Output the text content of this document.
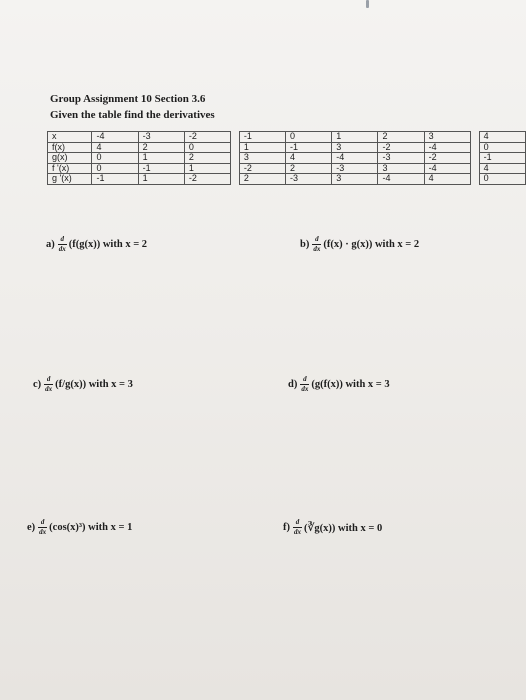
Group Assignment 10 Section 3.6
Given the table find the derivatives
x	-4	-3	-2		-1	0	1	2	3		4
f(x)	4	2	0		1	-1	3	-2	-4		0
g(x)	0	1	2		3	4	-4	-3	-2		-1
f '(x)	0	-1	1		-2	2	-3	3	-4		4
g '(x)	-1	1	-2		2	-3	3	-4	4		0
$a) \frac{d}{dx} (f(g(x))$ with x = 2	$b) \frac{d}{dx} (f(x) \cdot g(x))$ with x = 2
$c) \frac{d}{dx} (f/g(x))$ with x = 3	$d) \frac{d}{dx} (g(f(x))$ with x = 3
$e) \frac{d}{dx} (\cos(x)^3)$ with x = 1	$f) \frac{d}{dx}$ (∛g(x)) with x = 0
